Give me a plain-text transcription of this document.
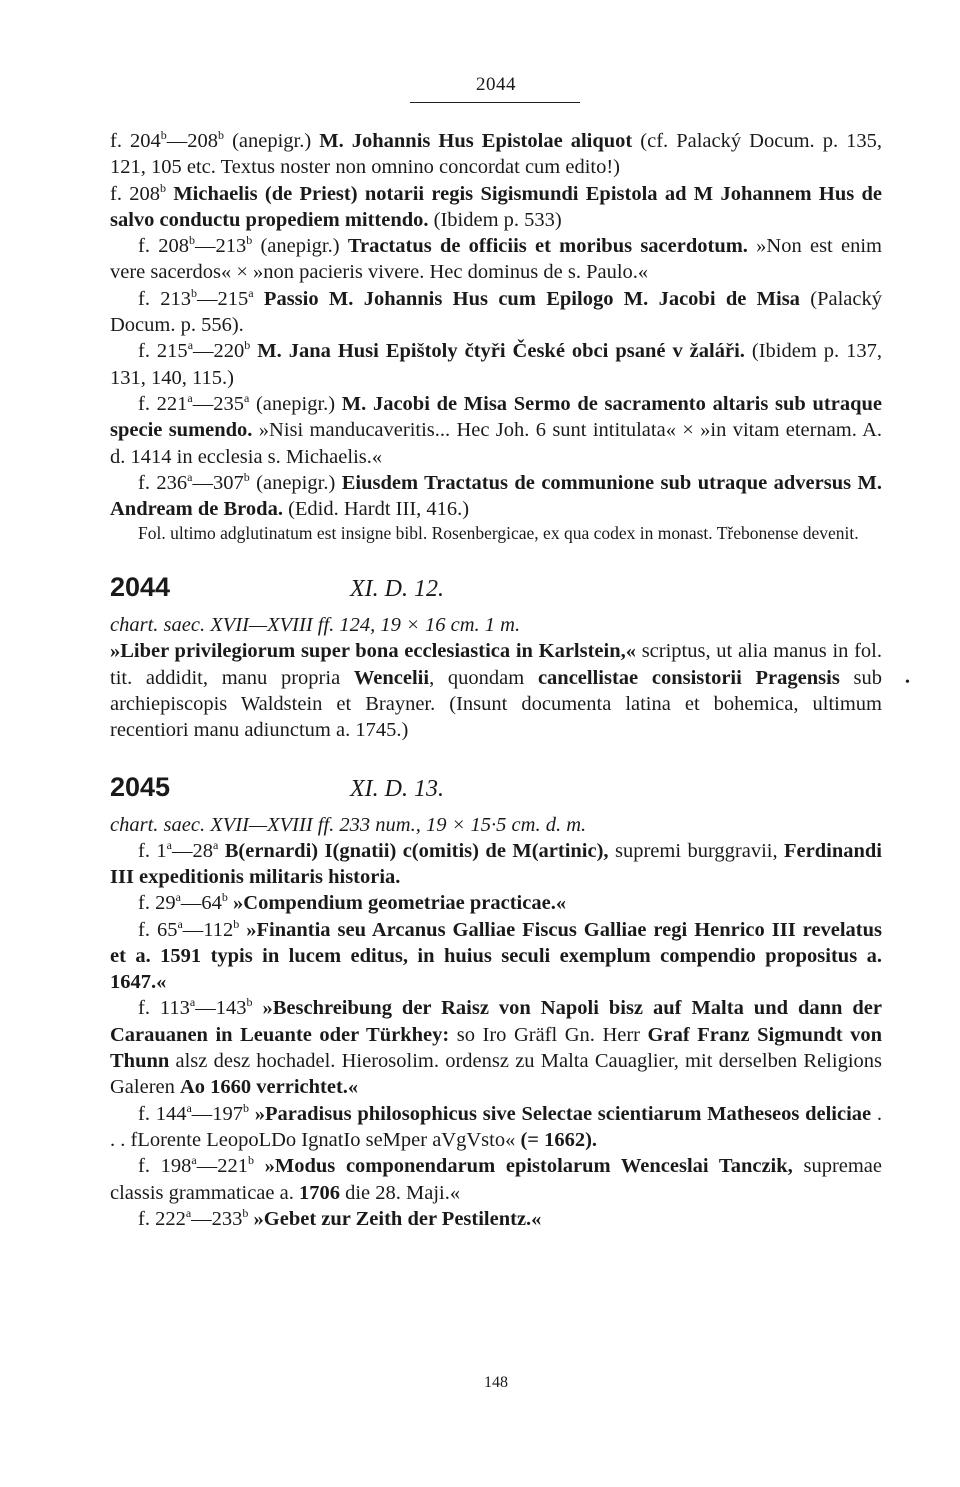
2044

f. 204$^b$—208$^b$ (anepigr.) M. Johannis Hus Epistolae aliquot (cf. Palacký Docum. p. 135, 121, 105 etc. Textus noster non omnino concordat cum edito!)

f. 208$^b$ Michaelis (de Priest) notarii regis Sigismundi Epistola ad M Johannem Hus de salvo conductu propediem mittendo. (Ibidem p. 533)

f. 208$^b$—213$^b$ (anepigr.) Tractatus de officiis et moribus sacerdotum. »Non est enim vere sacerdos« × »non pacieris vivere. Hec dominus de s. Paulo.«

f. 213$^b$—215$^a$ Passio M. Johannis Hus cum Epilogo M. Jacobi de Misa (Palacký Docum. p. 556).

f. 215$^a$—220$^b$ M. Jana Husi Epištoly čtyři České obci psané v žaláři. (Ibidem p. 137, 131, 140, 115.)

f. 221$^a$—235$^a$ (anepigr.) M. Jacobi de Misa Sermo de sacramento altaris sub utraque specie sumendo. »Nisi manducaveritis... Hec Joh. 6 sunt intitulata« × »in vitam eternam. A. d. 1414 in ecclesia s. Michaelis.«

f. 236$^a$—307$^b$ (anepigr.) Eiusdem Tractatus de communione sub utraque adversus M. Andream de Broda. (Edid. Hardt III, 416.)

Fol. ultimo adglutinatum est insigne bibl. Rosenbergicae, ex qua codex in monast. Třebonense devenit.

2044	XI. D. 12.

chart. saec. XVII—XVIII ff. 124, 19 × 16 cm. 1 m.

»Liber privilegiorum super bona ecclesiastica in Karlstein,« scriptus, ut alia manus in fol. tit. addidit, manu propria Wencelii, quondam cancellistae consistorii Pragensis sub archiepiscopis Waldstein et Brayner. (Insunt documenta latina et bohemica, ultimum recentiori manu adiunctum a. 1745.)

2045	XI. D. 13.

chart. saec. XVII—XVIII ff. 233 num., 19 × 15·5 cm. d. m.

f. 1$^a$—28$^a$ B(ernardi) I(gnatii) c(omitis) de M(artinic), supremi burggravii, Ferdinandi III expeditionis militaris historia.

f. 29$^a$—64$^b$ »Compendium geometriae practicae.«

f. 65$^a$—112$^b$ »Finantia seu Arcanus Galliae Fiscus Galliae regi Henrico III revelatus et a. 1591 typis in lucem editus, in huius seculi exemplum compendio propositus a. 1647.«

f. 113$^a$—143$^b$ »Beschreibung der Raisz von Napoli bisz auf Malta und dann der Carauanen in Leuante oder Türkhey: so Iro Gräfl Gn. Herr Graf Franz Sigmundt von Thunn alsz desz hochadel. Hierosolim. ordensz zu Malta Cauaglier, mit derselben Religions Galeren Ao 1660 verrichtet.«

f. 144$^a$—197$^b$ »Paradisus philosophicus sive Selectae scientiarum Matheseos deliciae . . . fLorente LeopoLDo IgnatIo seMper aVgVsto« (= 1662).

f. 198$^a$—221$^b$ »Modus componendarum epistolarum Wenceslai Tanczik, supremae classis grammaticae a. 1706 die 28. Maji.«

f. 222$^a$—233$^b$ »Gebet zur Zeith der Pestilentz.«

148
•
